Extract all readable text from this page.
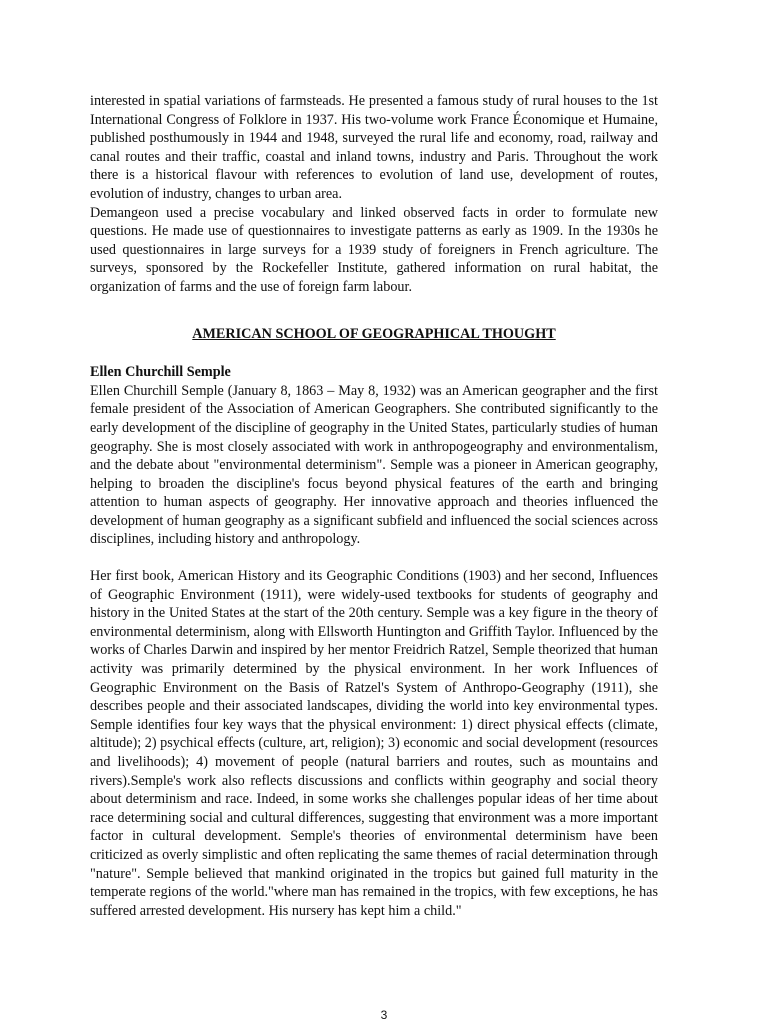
interested in spatial variations of farmsteads. He presented a famous study of rural houses to the 1st International Congress of Folklore in 1937. His two-volume work France Économique et Humaine, published posthumously in 1944 and 1948, surveyed the rural life and economy, road, railway and canal routes and their traffic, coastal and inland towns, industry and Paris. Throughout the work there is a historical flavour with references to evolution of land use, development of routes, evolution of industry, changes to urban area.

Demangeon used a precise vocabulary and linked observed facts in order to formulate new questions. He made use of questionnaires to investigate patterns as early as 1909. In the 1930s he used questionnaires in large surveys for a 1939 study of foreigners in French agriculture. The surveys, sponsored by the Rockefeller Institute, gathered information on rural habitat, the organization of farms and the use of foreign farm labour.

AMERICAN SCHOOL OF GEOGRAPHICAL THOUGHT

Ellen Churchill Semple

Ellen Churchill Semple (January 8, 1863 – May 8, 1932) was an American geographer and the first female president of the Association of American Geographers. She contributed significantly to the early development of the discipline of geography in the United States, particularly studies of human geography. She is most closely associated with work in anthropogeography and environmentalism, and the debate about "environmental determinism". Semple was a pioneer in American geography, helping to broaden the discipline's focus beyond physical features of the earth and bringing attention to human aspects of geography. Her innovative approach and theories influenced the development of human geography as a significant subfield and influenced the social sciences across disciplines, including history and anthropology.

Her first book, American History and its Geographic Conditions (1903) and her second, Influences of Geographic Environment (1911), were widely-used textbooks for students of geography and history in the United States at the start of the 20th century. Semple was a key figure in the theory of environmental determinism, along with Ellsworth Huntington and Griffith Taylor. Influenced by the works of Charles Darwin and inspired by her mentor Freidrich Ratzel, Semple theorized that human activity was primarily determined by the physical environment. In her work Influences of Geographic Environment on the Basis of Ratzel's System of Anthropo-Geography (1911), she describes people and their associated landscapes, dividing the world into key environmental types. Semple identifies four key ways that the physical environment: 1) direct physical effects (climate, altitude); 2) psychical effects (culture, art, religion); 3) economic and social development (resources and livelihoods); 4) movement of people (natural barriers and routes, such as mountains and rivers).Semple's work also reflects discussions and conflicts within geography and social theory about determinism and race. Indeed, in some works she challenges popular ideas of her time about race determining social and cultural differences, suggesting that environment was a more important factor in cultural development. Semple's theories of environmental determinism have been criticized as overly simplistic and often replicating the same themes of racial determination through "nature". Semple believed that mankind originated in the tropics but gained full maturity in the temperate regions of the world."where man has remained in the tropics, with few exceptions, he has suffered arrested development. His nursery has kept him a child."

3
